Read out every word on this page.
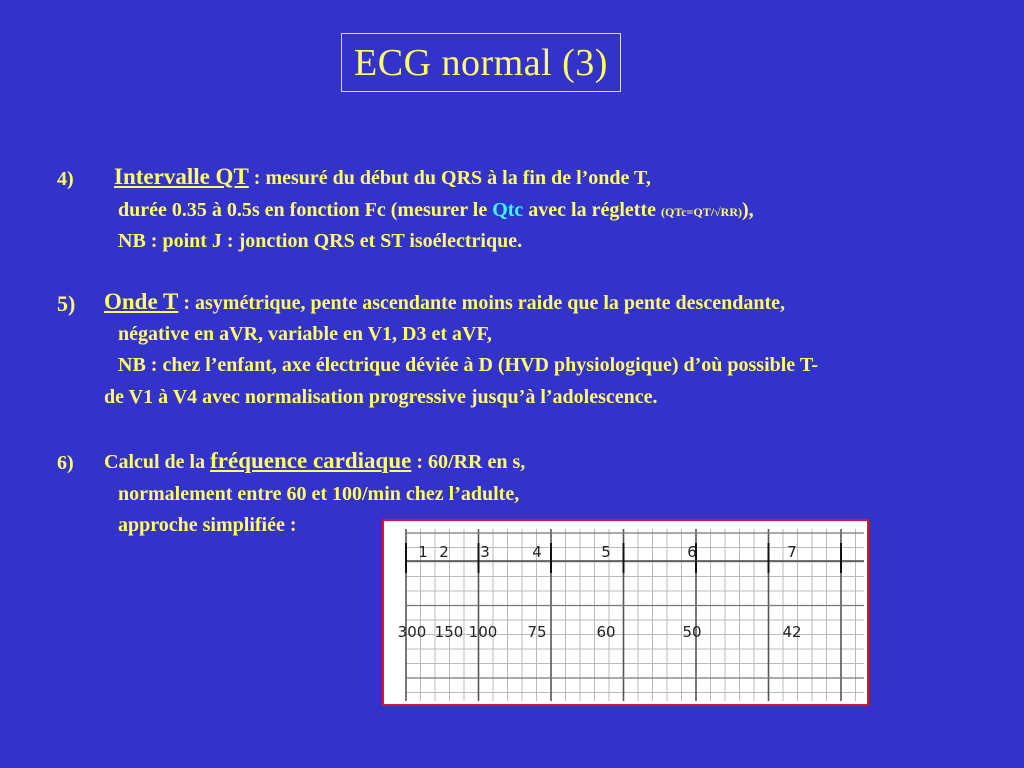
ECG normal (3)
4) Intervalle QT : mesuré du début du QRS à la fin de l’onde T,
durée 0.35 à 0.5s en fonction Fc (mesurer le Qtc avec la réglette (QTc=QT/√RR)),
NB : point J : jonction QRS et ST isoélectrique.
5) Onde T : asymétrique, pente ascendante moins raide que la pente descendante,
négative en aVR, variable en V1, D3 et aVF,
NB : chez l’enfant, axe électrique déviée à D (HVD physiologique) d’où possible T-
de V1 à V4 avec normalisation progressive jusqu’à l’adolescence.
6) Calcul de la fréquence cardiaque : 60/RR en s,
normalement entre 60 et 100/min chez l’adulte,
approche simplifiée :
1 2 3	4	5	6	7
300 150 100 75	60	50	42
